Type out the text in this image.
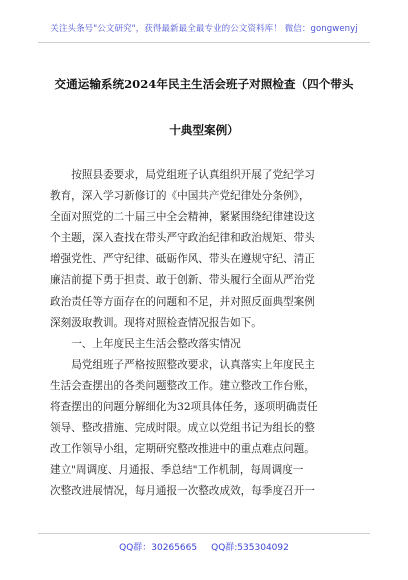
关注头条号"公文研究"，获得最新最全最专业的公文资料库！ 微信：gongwenyj
交通运输系统2024年民主生活会班子对照检查（四个带头
十典型案例）
按照县委要求，局党组班子认真组织开展了党纪学习
教育，深入学习新修订的《中国共产党纪律处分条例》，
全面对照党的二十届三中全会精神，紧紧围绕纪律建设这
个主题，深入查找在带头严守政治纪律和政治规矩、带头
增强党性、严守纪律、砥砺作风、带头在遵规守纪、清正
廉洁前提下勇于担责、敢于创新、带头履行全面从严治党
政治责任等方面存在的问题和不足，并对照反面典型案例
深刻汲取教训。现将对照检查情况报告如下。
一、上年度民主生活会整改落实情况
局党组班子严格按照整改要求，认真落实上年度民主
生活会查摆出的各类问题整改工作。建立整改工作台账，
将查摆出的问题分解细化为32项具体任务，逐项明确责任
领导、整改措施、完成时限。成立以党组书记为组长的整
改工作领导小组，定期研究整改推进中的重点难点问题。
建立"周调度、月通报、季总结"工作机制，每周调度一
次整改进展情况，每月通报一次整改成效，每季度召开一
QQ群：30265665 QQ群:535304092
